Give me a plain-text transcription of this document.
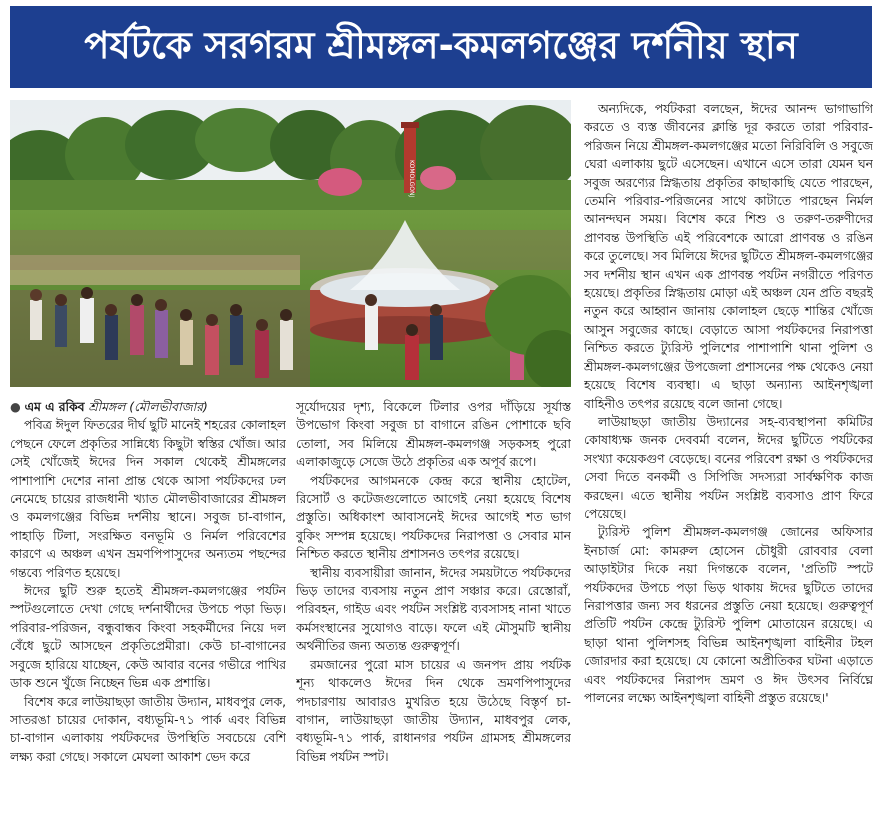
পর্যটকে সরগরম শ্রীমঙ্গল-কমলগঞ্জের দর্শনীয় স্থান
KOMOLGONJ

● এম এ রকিব শ্রীমঙ্গল (মৌলভীবাজার)

পবিত্র ঈদুল ফিতরের দীর্ঘ ছুটি মানেই শহরের কোলাহল পেছনে ফেলে প্রকৃতির সান্নিধ্যে কিছুটা স্বস্তির খোঁজ। আর সেই খোঁজেই ঈদের দিন সকাল থেকেই শ্রীমঙ্গলের পাশাপাশি দেশের নানা প্রান্ত থেকে আসা পর্যটকদের ঢল নেমেছে চায়ের রাজধানী খ্যাত মৌলভীবাজারের শ্রীমঙ্গল ও কমলগঞ্জের বিভিন্ন দর্শনীয় স্থানে। সবুজ চা-বাগান, পাহাড়ি টিলা, সংরক্ষিত বনভূমি ও নির্মল পরিবেশের কারণে এ অঞ্চল এখন ভ্রমণপিপাসুদের অন্যতম পছন্দের গন্তব্যে পরিণত হয়েছে।

ঈদের ছুটি শুরু হতেই শ্রীমঙ্গল-কমলগঞ্জের পর্যটন স্পটগুলোতে দেখা গেছে দর্শনার্থীদের উপচে পড়া ভিড়। পরিবার-পরিজন, বন্ধুবান্ধব কিংবা সহকর্মীদের নিয়ে দল বেঁধে ছুটে আসছেন প্রকৃতিপ্রেমীরা। কেউ চা-বাগানের সবুজে হারিয়ে যাচ্ছেন, কেউ আবার বনের গভীরে পাখির ডাক শুনে খুঁজে নিচ্ছেন ভিন্ন এক প্রশান্তি।

বিশেষ করে লাউয়াছড়া জাতীয় উদ্যান, মাধবপুর লেক, সাতরঙা চায়ের দোকান, বধ্যভূমি-৭১ পার্ক এবং বিভিন্ন চা-বাগান এলাকায় পর্যটকদের উপস্থিতি সবচেয়ে বেশি লক্ষ্য করা গেছে। সকালে মেঘলা আকাশ ভেদ করে

সূর্যোদয়ের দৃশ্য, বিকেলে টিলার ওপর দাঁড়িয়ে সূর্যাস্ত উপভোগ কিংবা সবুজ চা বাগানে রঙিন পোশাকে ছবি তোলা, সব মিলিয়ে শ্রীমঙ্গল-কমলগঞ্জ সড়কসহ পুরো এলাকাজুড়ে সেজে উঠে প্রকৃতির এক অপূর্ব রূপে।

পর্যটকদের আগমনকে কেন্দ্র করে স্থানীয় হোটেল, রিসোর্ট ও কটেজগুলোতে আগেই নেয়া হয়েছে বিশেষ প্রস্তুতি। অধিকাংশ আবাসনেই ঈদের আগেই শত ভাগ বুকিং সম্পন্ন হয়েছে। পর্যটকদের নিরাপত্তা ও সেবার মান নিশ্চিত করতে স্থানীয় প্রশাসনও তৎপর রয়েছে।

স্থানীয় ব্যবসায়ীরা জানান, ঈদের সময়টাতে পর্যটকদের ভিড় তাদের ব্যবসায় নতুন প্রাণ সঞ্চার করে। রেস্তোরাঁ, পরিবহন, গাইড এবং পর্যটন সংশ্লিষ্ট ব্যবসাসহ নানা খাতে কর্মসংস্থানের সুযোগও বাড়ে। ফলে এই মৌসুমটি স্থানীয় অর্থনীতির জন্য অত্যন্ত গুরুত্বপূর্ণ।

রমজানের পুরো মাস চায়ের এ জনপদ প্রায় পর্যটক শূন্য থাকলেও ঈদের দিন থেকে ভ্রমণপিপাসুদের পদচারণায় আবারও মুখরিত হয়ে উঠেছে বিস্তৃর্ণ চা-বাগান, লাউয়াছড়া জাতীয় উদ্যান, মাধবপুর লেক, বধ্যভূমি-৭১ পার্ক, রাধানগর পর্যটন গ্রামসহ শ্রীমঙ্গলের বিভিন্ন পর্যটন স্পট।

অন্যদিকে, পর্যটকরা বলছেন, ঈদের আনন্দ ভাগাভাগি করতে ও ব্যস্ত জীবনের ক্লান্তি দূর করতে তারা পরিবার-পরিজন নিয়ে শ্রীমঙ্গল-কমলগঞ্জের মতো নিরিবিলি ও সবুজে ঘেরা এলাকায় ছুটে এসেছেন। এখানে এসে তারা যেমন ঘন সবুজ অরণ্যের স্নিগ্ধতায় প্রকৃতির কাছাকাছি যেতে পারছেন, তেমনি পরিবার-পরিজনের সাথে কাটাতে পারছেন নির্মল আনন্দঘন সময়। বিশেষ করে শিশু ও তরুণ-তরুণীদের প্রাণবন্ত উপস্থিতি এই পরিবেশকে আরো প্রাণবন্ত ও রঙিন করে তুলেছে। সব মিলিয়ে ঈদের ছুটিতে শ্রীমঙ্গল-কমলগঞ্জের সব দর্শনীয় স্থান এখন এক প্রাণবন্ত পর্যটন নগরীতে পরিণত হয়েছে। প্রকৃতির স্নিগ্ধতায় মোড়া এই অঞ্চল যেন প্রতি বছরই নতুন করে আহ্বান জানায় কোলাহল ছেড়ে শান্তির খোঁজে আসুন সবুজের কাছে। বেড়াতে আসা পর্যটকদের নিরাপত্তা নিশ্চিত করতে ট্যুরিস্ট পুলিশের পাশাপাশি থানা পুলিশ ও শ্রীমঙ্গল-কমলগঞ্জের উপজেলা প্রশাসনের পক্ষ থেকেও নেয়া হয়েছে বিশেষ ব্যবস্থা। এ ছাড়া অন্যান্য আইনশৃঙ্খলা বাহিনীও তৎপর রয়েছে বলে জানা গেছে।

লাউয়াছড়া জাতীয় উদ্যানের সহ-ব্যবস্থাপনা কমিটির কোষাধ্যক্ষ জনক দেববর্মা বলেন, ঈদের ছুটিতে পর্যটকের সংখ্যা কয়েকগুণ বেড়েছে। বনের পরিবেশ রক্ষা ও পর্যটকদের সেবা দিতে বনকর্মী ও সিপিজি সদস্যরা সার্বক্ষণিক কাজ করছেন। এতে স্থানীয় পর্যটন সংশ্লিষ্ট ব্যবসাও প্রাণ ফিরে পেয়েছে।

ট্যুরিস্ট পুলিশ শ্রীমঙ্গল-কমলগঞ্জ জোনের অফিসার ইনচার্জ মো: কামরুল হোসেন চৌধুরী রোববার বেলা আড়াইটার দিকে নয়া দিগন্তকে বলেন, 'প্রতিটি স্পটে পর্যটকদের উপচে পড়া ভিড় থাকায় ঈদের ছুটিতে তাদের নিরাপত্তার জন্য সব ধরনের প্রস্তুতি নেয়া হয়েছে। গুরুত্বপূর্ণ প্রতিটি পর্যটন কেন্দ্রে ট্যুরিস্ট পুলিশ মোতায়েন রয়েছে। এ ছাড়া থানা পুলিশসহ বিভিন্ন আইনশৃঙ্খলা বাহিনীর টহল জোরদার করা হয়েছে। যে কোনো অপ্রীতিকর ঘটনা এড়াতে এবং পর্যটকদের নিরাপদ ভ্রমণ ও ঈদ উৎসব নির্বিঘ্নে পালনের লক্ষ্যে আইনশৃঙ্খলা বাহিনী প্রস্তুত রয়েছে।'
